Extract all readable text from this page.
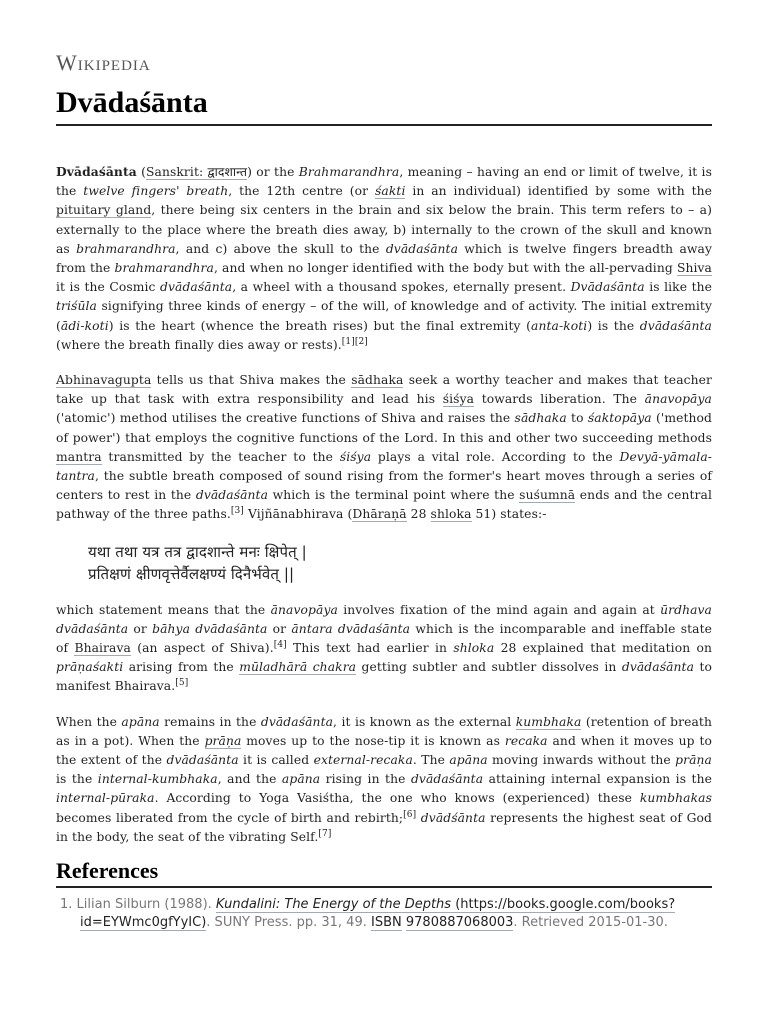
Wikipedia
Dvādaśānta

Dvādaśānta (Sanskrit: द्वादशान्त) or the Brahmarandhra, meaning – having an end or limit of twelve, it is the twelve fingers' breath, the 12th centre (or śakti in an individual) identified by some with the pituitary gland, there being six centers in the brain and six below the brain. This term refers to – a) externally to the place where the breath dies away, b) internally to the crown of the skull and known as brahmarandhra, and c) above the skull to the dvādaśānta which is twelve fingers breadth away from the brahmarandhra, and when no longer identified with the body but with the all-pervading Shiva it is the Cosmic dvādaśānta, a wheel with a thousand spokes, eternally present. Dvādaśānta is like the triśūla signifying three kinds of energy – of the will, of knowledge and of activity. The initial extremity (ādi-koti) is the heart (whence the breath rises) but the final extremity (anta-koti) is the dvādaśānta (where the breath finally dies away or rests).[1][2]

Abhinavagupta tells us that Shiva makes the sādhaka seek a worthy teacher and makes that teacher take up that task with extra responsibility and lead his śiśya towards liberation. The ānavopāya ('atomic') method utilises the creative functions of Shiva and raises the sādhaka to śaktopāya ('method of power') that employs the cognitive functions of the Lord. In this and other two succeeding methods mantra transmitted by the teacher to the śiśya plays a vital role. According to the Devyā-yāmala- tantra, the subtle breath composed of sound rising from the former's heart moves through a series of centers to rest in the dvādaśānta which is the terminal point where the suśumnā ends and the central pathway of the three paths.[3] Vijñānabhirava (Dhāraṇā 28 shloka 51) states:-

यथा तथा यत्र तत्र द्वादशान्ते मनः क्षिपेत् |
प्रतिक्षणं क्षीणवृत्तेर्वैलक्षण्यं दिनैर्भवेत् ||

which statement means that the ānavopāya involves fixation of the mind again and again at ūrdhava dvādaśānta or bāhya dvādaśānta or āntara dvādaśānta which is the incomparable and ineffable state of Bhairava (an aspect of Shiva).[4] This text had earlier in shloka 28 explained that meditation on prāṇaśakti arising from the mūladhārā chakra getting subtler and subtler dissolves in dvādaśānta to manifest Bhairava.[5]

When the apāna remains in the dvādaśānta, it is known as the external kumbhaka (retention of breath as in a pot). When the prāṇa moves up to the nose-tip it is known as recaka and when it moves up to the extent of the dvādaśānta it is called external-recaka. The apāna moving inwards without the prāṇa is the internal-kumbhaka, and the apāna rising in the dvādaśānta attaining internal expansion is the internal-pūraka. According to Yoga Vasiśtha, the one who knows (experienced) these kumbhakas becomes liberated from the cycle of birth and rebirth;[6] dvādśānta represents the highest seat of God in the body, the seat of the vibrating Self.[7]

References
1. Lilian Silburn (1988). Kundalini: The Energy of the Depths (https://books.google.com/books?id=EYWmc0gfYyIC). SUNY Press. pp. 31, 49. ISBN 9780887068003. Retrieved 2015-01-30.
